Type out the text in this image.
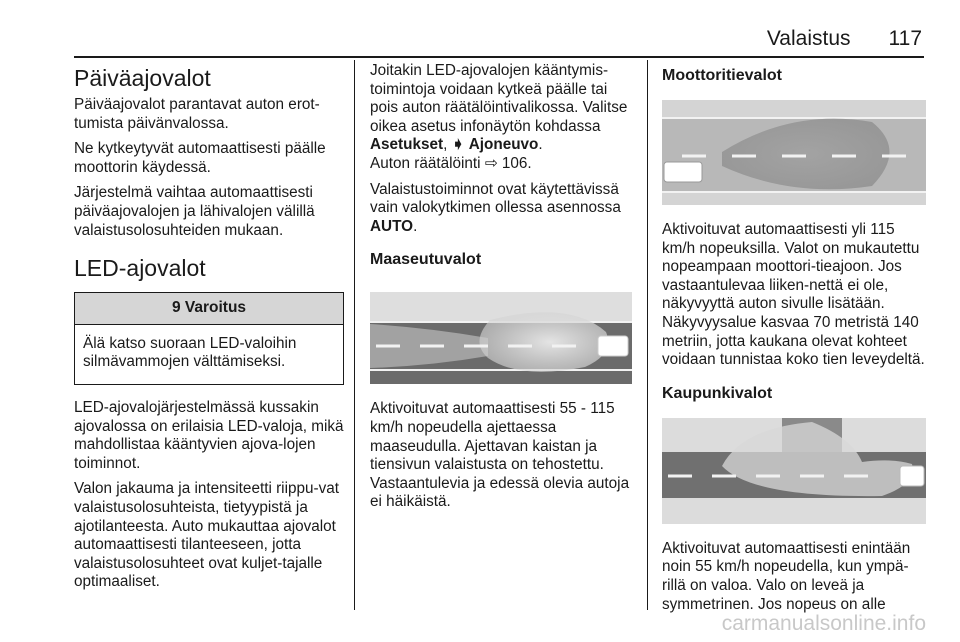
Valaistus 117
Päiväajovalot

Päiväajovalot parantavat auton erot-tumista päivänvalossa.

Ne kytkeytyvät automaattisesti päälle moottorin käydessä.

Järjestelmä vaihtaa automaattisesti päiväajovalojen ja lähivalojen välillä valaistusolosuhteiden mukaan.

LED-ajovalot
9 Varoitus
Älä katso suoraan LED-valoihin silmävammojen välttämiseksi.

LED-ajovalojärjestelmässä kussakin ajovalossa on erilaisia LED-valoja, mikä mahdollistaa kääntyvien ajova-lojen toiminnot.

Valon jakauma ja intensiteetti riippu-vat valaistusolosuhteista, tietyypistä ja ajotilanteesta. Auto mukauttaa ajovalot automaattisesti tilanteeseen, jotta valaistusolosuhteet ovat kuljet-tajalle optimaaliset.

Joitakin LED-ajovalojen kääntymis-toimintoja voidaan kytkeä päälle tai pois auton räätälöintivalikossa. Valitse oikea asetus infonäytön kohdassa Asetukset, ➧ Ajoneuvo.
Auton räätälöinti ⇨ 106.

Valaistustoiminnot ovat käytettävissä vain valokytkimen ollessa asennossa AUTO.

Maaseutuvalot

Aktivoituvat automaattisesti 55 - 115 km/h nopeudella ajettaessa maaseudulla. Ajettavan kaistan ja tiensivun valaistusta on tehostettu. Vastaantulevia ja edessä olevia autoja ei häikäistä.

Moottoritievalot

Aktivoituvat automaattisesti yli 115 km/h nopeuksilla. Valot on mukautettu nopeampaan moottori-tieajoon. Jos vastaantulevaa liiken-nettä ei ole, näkyvyyttä auton sivulle lisätään. Näkyvyysalue kasvaa 70 metristä 140 metriin, jotta kaukana olevat kohteet voidaan tunnistaa koko tien leveydeltä.

Kaupunkivalot

Aktivoituvat automaattisesti enintään noin 55 km/h nopeudella, kun ympä-rillä on valoa. Valo on leveä ja symmetrinen. Jos nopeus on alle

carmanualsonline.info
